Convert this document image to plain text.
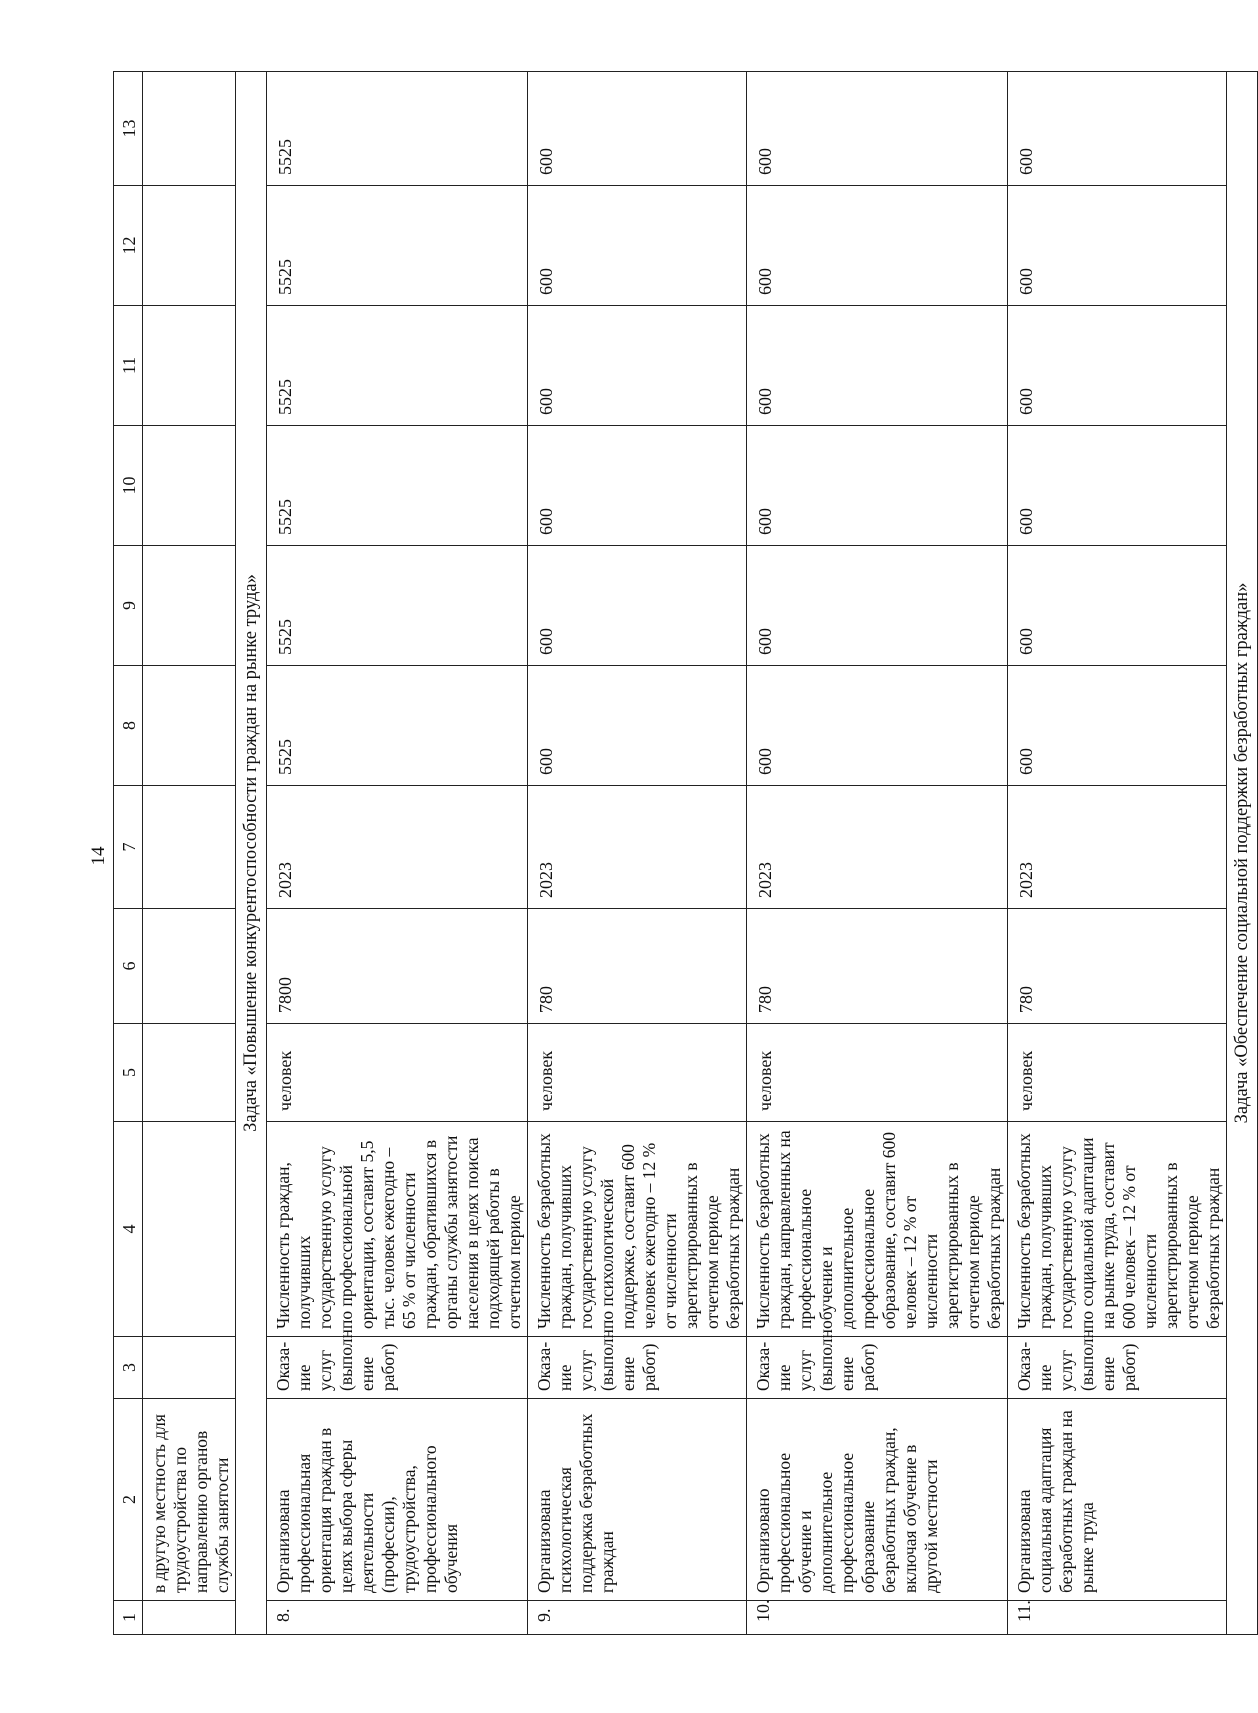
14
1	2	3	4	5	6	7	8	9	10	11	12	13
	в другую местность для трудоустройства по направлению органов службы занятости											
Задача «Повышение конкурентоспособности граждан на рынке труда»												
8.	Организована профессиональная ориентация граждан в целях выбора сферы деятельности (профессии), трудоустройства, профессионального обучения	Оказа-ние услуг (выполн ение работ)	Численность граждан, получивших государственную услугу по профессиональной ориентации, составит 5,5 тыс. человек ежегодно – 65 % от численности граждан, обратившихся в органы службы занятости населения в целях поиска подходящей работы в отчетном периоде	человек	7800	2023	5525	5525	5525	5525	5525	5525
9.	Организована психологическая поддержка безработных граждан	Оказа-ние услуг (выполн ение работ)	Численность безработных граждан, получивших государственную услугу по психологической поддержке, составит 600 человек ежегодно – 12 % от численности зарегистрированных в отчетном периоде безработных граждан	человек	780	2023	600	600	600	600	600	600
10.	Организовано профессиональное обучение и дополнительное профессиональное образование безработных граждан, включая обучение в другой местности	Оказа-ние услуг (выполн ение работ)	Численность безработных граждан, направленных на профессиональное обучение и дополнительное профессиональное образование, составит 600 человек – 12 % от численности зарегистрированных в отчетном периоде безработных граждан	человек	780	2023	600	600	600	600	600	600
11.	Организована социальная адаптация безработных граждан на рынке труда	Оказа-ние услуг (выполн ение работ)	Численность безработных граждан, получивших государственную услугу по социальной адаптации на рынке труда, составит 600 человек – 12 % от численности зарегистрированных в отчетном периоде безработных граждан	человек	780	2023	600	600	600	600	600	600
Задача «Обеспечение социальной поддержки безработных граждан»												
